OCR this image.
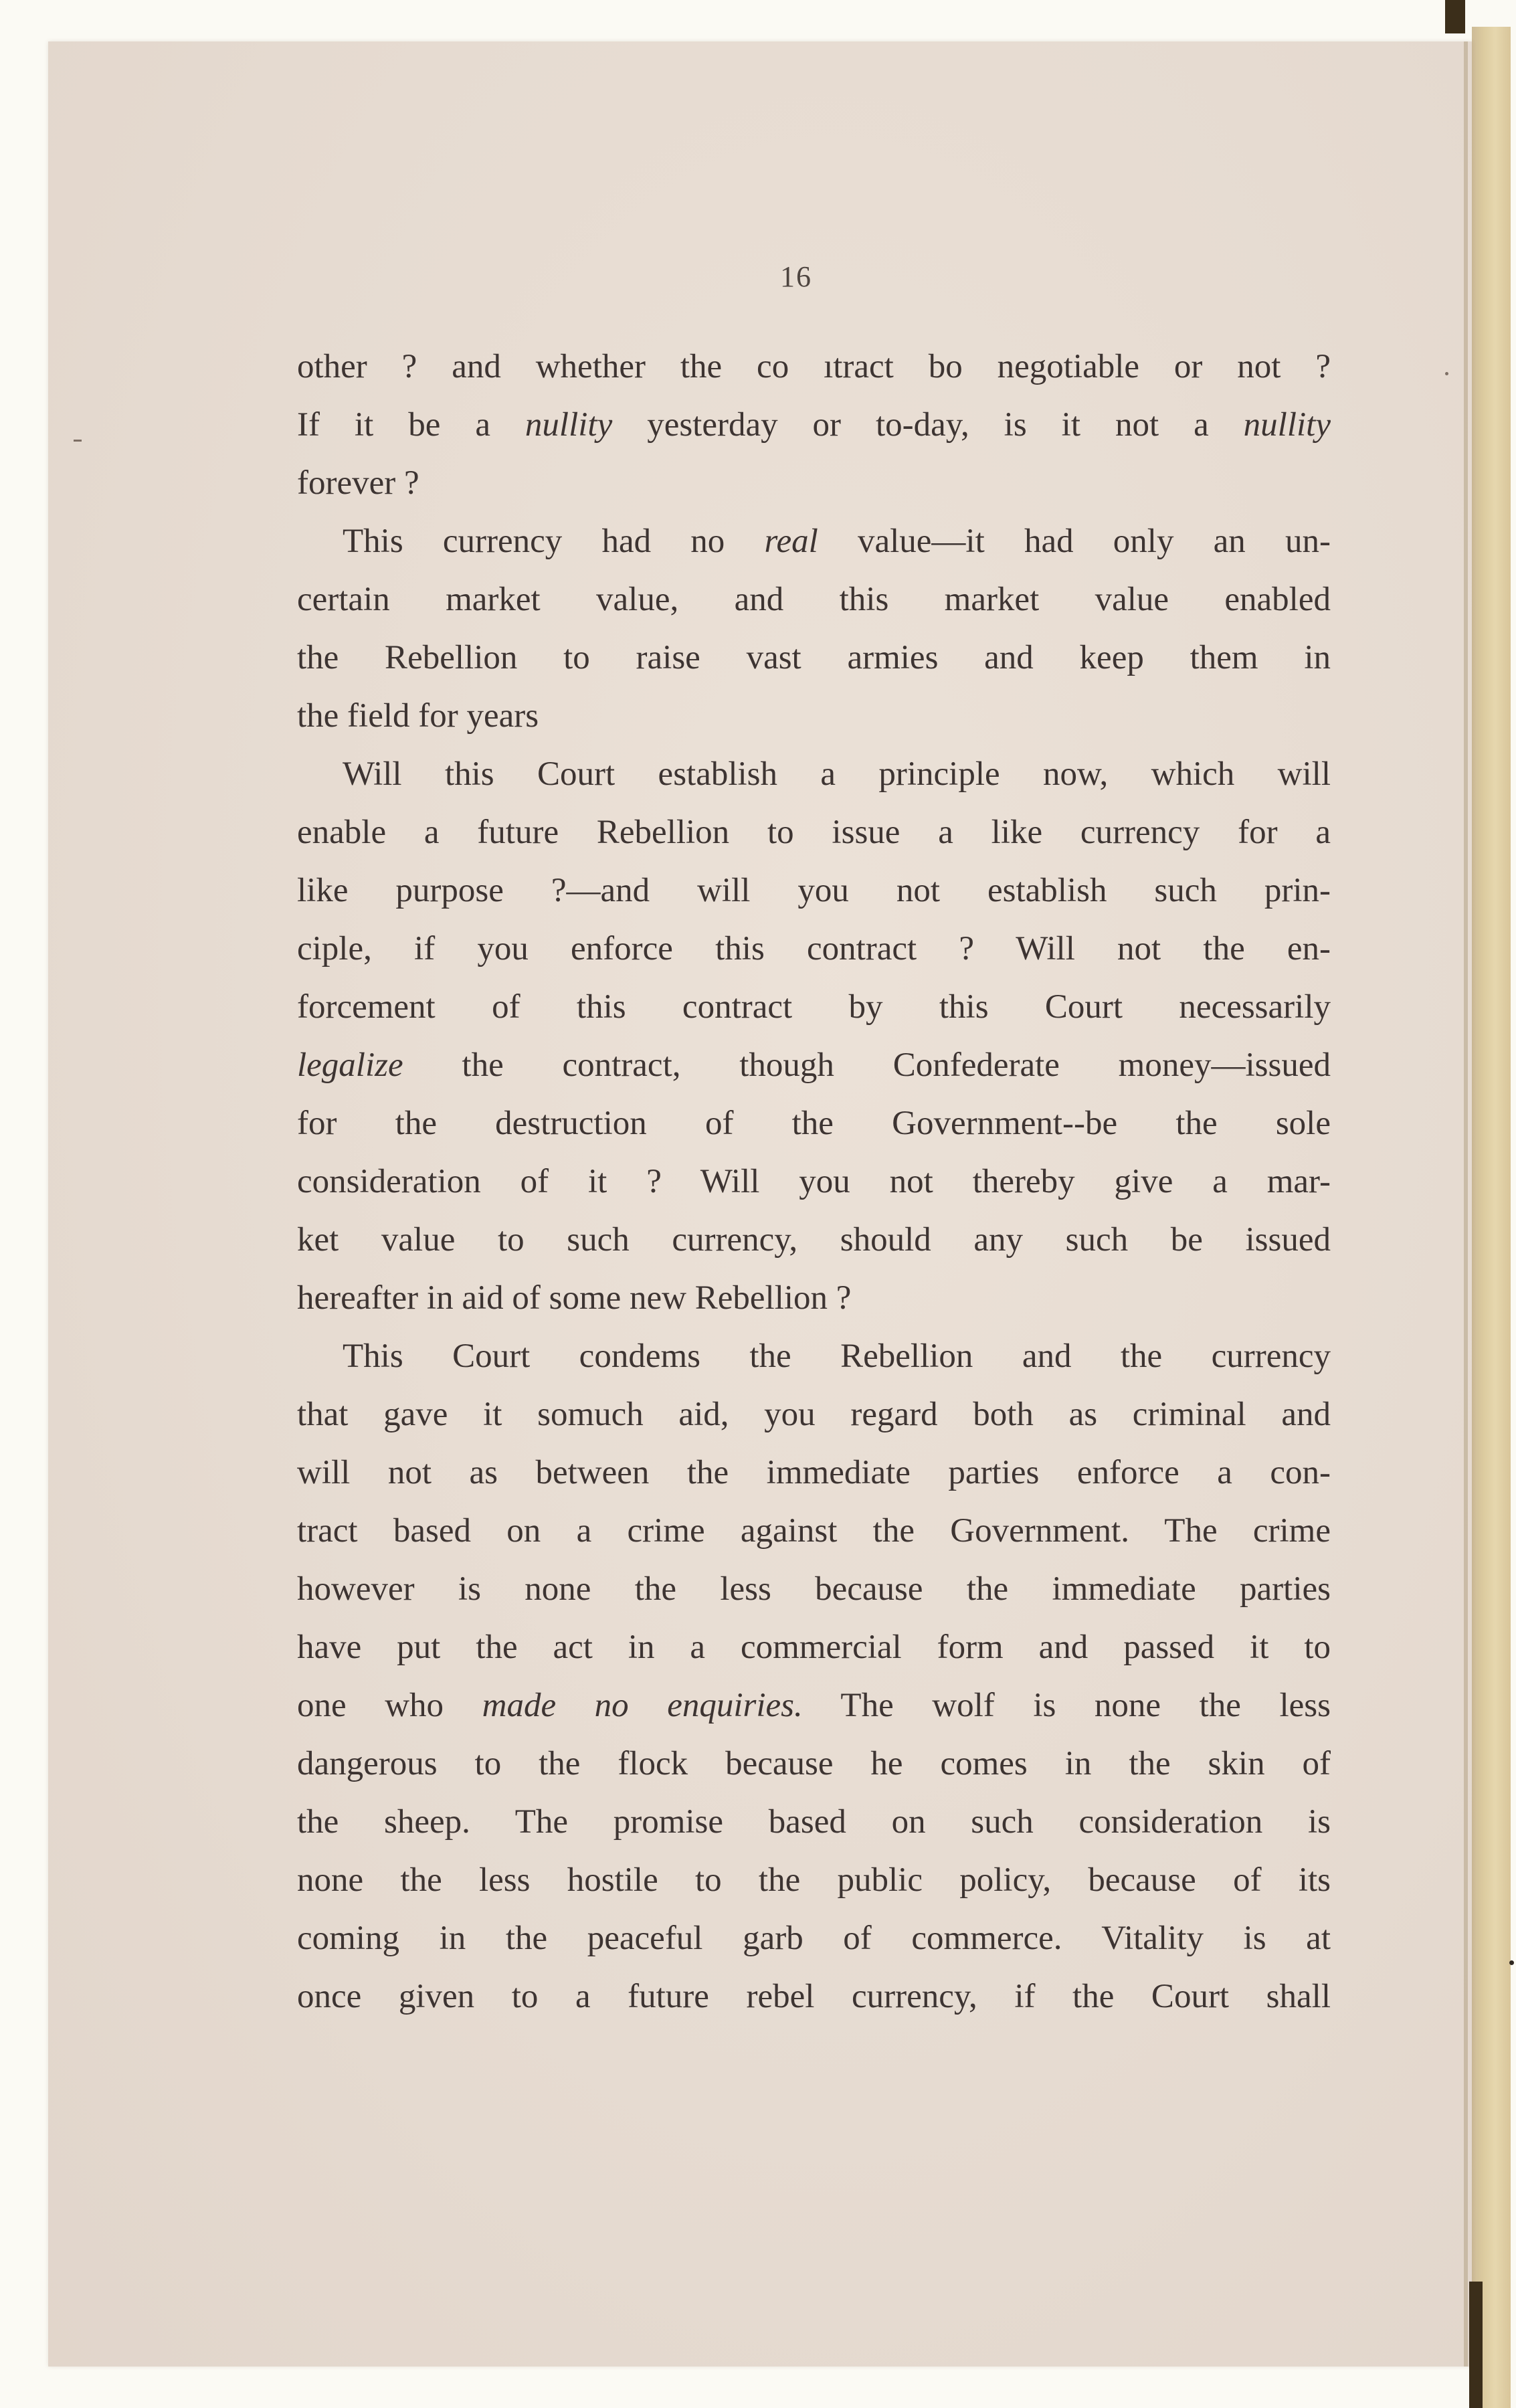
16
other ? and whether the co ıtract bo negotiable or not ?
If it be a nullity yesterday or to-day, is it not a nullity
forever ?
This currency had no real value—it had only an un-
certain market value, and this market value enabled
the Rebellion to raise vast armies and keep them in
the field for years
Will this Court establish a principle now, which will
enable a future Rebellion to issue a like currency for a
like purpose ?—and will you not establish such prin-
ciple, if you enforce this contract ? Will not the en-
forcement of this contract by this Court necessarily
legalize the contract, though Confederate money—issued
for the destruction of the Government--be the sole
consideration of it ? Will you not thereby give a mar-
ket value to such currency, should any such be issued
hereafter in aid of some new Rebellion ?
This Court condems the Rebellion and the currency
that gave it somuch aid, you regard both as criminal and
will not as between the immediate parties enforce a con-
tract based on a crime against the Government. The crime
however is none the less because the immediate parties
have put the act in a commercial form and passed it to
one who made no enquiries. The wolf is none the less
dangerous to the flock because he comes in the skin of
the sheep. The promise based on such consideration is
none the less hostile to the public policy, because of its
coming in the peaceful garb of commerce. Vitality is at
once given to a future rebel currency, if the Court shall
